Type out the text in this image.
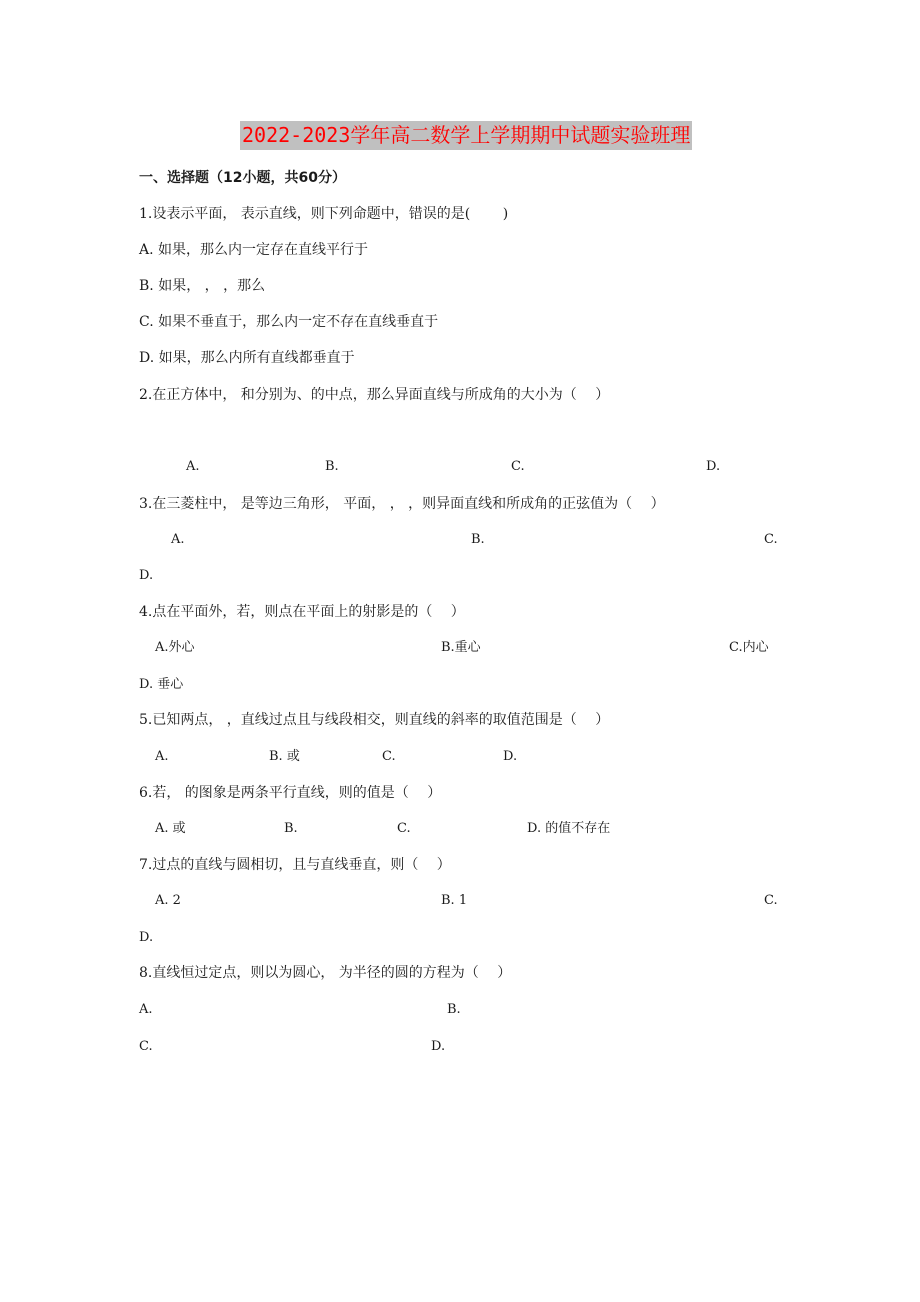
2022-2023学年高二数学上学期期中试题实验班理
一、选择题（12小题，共60分）
1.设表示平面， 表示直线，则下列命题中，错误的是(　　 )
A. 如果，那么内一定存在直线平行于
B. 如果， ， ，那么
C. 如果不垂直于，那么内一定不存在直线垂直于
D. 如果，那么内所有直线都垂直于
2.在正方体中， 和分别为、的中点，那么异面直线与所成角的大小为（　 ）
A.	B.	C.	D.
3.在三菱柱中， 是等边三角形， 平面， ， ，则异面直线和所成角的正弦值为（　 ）
A.	B.	C.
D.
4.点在平面外，若，则点在平面上的射影是的（　 ）
A.外心	B.重心	C.内心
D. 垂心
5.已知两点， ，直线过点且与线段相交，则直线的斜率的取值范围是（　 ）
A.	B. 或	C.	D.
6.若， 的图象是两条平行直线，则的值是（　 ）
A. 或	B.	C.	D. 的值不存在
7.过点的直线与圆相切，且与直线垂直，则（　 ）
A. 2	B. 1	C.
D.
8.直线恒过定点，则以为圆心， 为半径的圆的方程为（　 ）
A.	B.
C.	D.
